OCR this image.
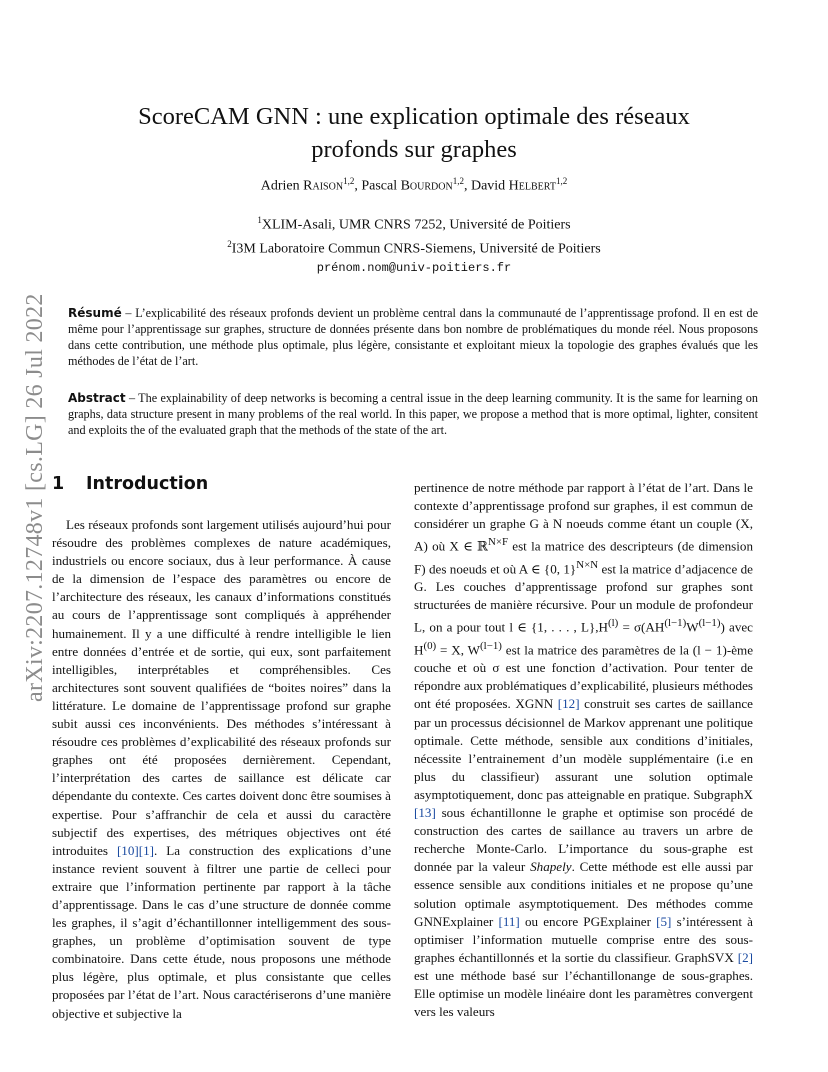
arXiv:2207.12748v1 [cs.LG] 26 Jul 2022
ScoreCAM GNN : une explication optimale des réseaux
profonds sur graphes
Adrien Raison$^{1,2}$, Pascal Bourdon$^{1,2}$, David Helbert$^{1,2}$
$^1$XLIM-Asali, UMR CNRS 7252, Université de Poitiers
$^2$I3M Laboratoire Commun CNRS-Siemens, Université de Poitiers
prénom.nom@univ-poitiers.fr
Résumé – L’explicabilité des réseaux profonds devient un problème central dans la communauté de l’apprentissage profond. Il en est de même pour l’apprentissage sur graphes, structure de données présente dans bon nombre de problématiques du monde réel. Nous proposons dans cette contribution, une méthode plus optimale, plus légère, consistante et exploitant mieux la topologie des graphes évalués que les méthodes de l’état de l’art.
Abstract – The explainability of deep networks is becoming a central issue in the deep learning community. It is the same for learning on graphs, data structure present in many problems of the real world. In this paper, we propose a method that is more optimal, lighter, consitent and exploits the of the evaluated graph that the methods of the state of the art.
1 Introduction
Les réseaux profonds sont largement utilisés aujourd’hui pour résoudre des problèmes complexes de nature académiques, industriels ou encore sociaux, dus à leur performance. À cause de la dimension de l’espace des paramètres ou encore de l’architecture des réseaux, les canaux d’informations constitués au cours de l’apprentissage sont compliqués à appréhender humainement. Il y a une difficulté à rendre intelligible le lien entre données d’entrée et de sortie, qui eux, sont parfaitement intelligibles, interprétables et compréhensibles. Ces architectures sont souvent qualifiées de “boites noires” dans la littérature. Le domaine de l’apprentissage profond sur graphe subit aussi ces inconvénients. Des méthodes s’intéressant à résoudre ces problèmes d’explicabilité des réseaux profonds sur graphes ont été proposées dernièrement. Cependant, l’interprétation des cartes de saillance est délicate car dépendante du contexte. Ces cartes doivent donc être soumises à expertise. Pour s’affranchir de cela et aussi du caractère subjectif des expertises, des métriques objectives ont été introduites [10][1]. La construction des explications d’une instance revient souvent à filtrer une partie de celleci pour extraire que l’information pertinente par rapport à la tâche d’apprentissage. Dans le cas d’une structure de donnée comme les graphes, il s’agit d’échantillonner intelligemment des sous-graphes, un problème d’optimisation souvent de type combinatoire. Dans cette étude, nous proposons une méthode plus légère, plus optimale, et plus consistante que celles proposées par l’état de l’art. Nous caractériserons d’une manière objective et subjective la
pertinence de notre méthode par rapport à l’état de l’art. Dans le contexte d’apprentissage profond sur graphes, il est commun de considérer un graphe G à N noeuds comme étant un couple (X, A) où X ∈ ℝ$^{N\times F}$ est la matrice des descripteurs (de dimension F) des noeuds et où A ∈ {0, 1}$^{N\times N}$ est la matrice d’adjacence de G. Les couches d’apprentissage profond sur graphes sont structurées de manière récursive. Pour un module de profondeur L, on a pour tout l ∈ {1, . . . , $L\},H^{(l)} = \sigma(AH^{(l-1)}W^{(l-1)})$ avec $H^{(0)} = X$, $W^{(l-1)}$ est la matrice des paramètres de la (l − 1)-ème couche et où σ est une fonction d’activation. Pour tenter de répondre aux problématiques d’explicabilité, plusieurs méthodes ont été proposées. XGNN [12] construit ses cartes de saillance par un processus décisionnel de Markov apprenant une politique optimale. Cette méthode, sensible aux conditions d’initiales, nécessite l’entrainement d’un modèle supplémentaire (i.e en plus du classifieur) assurant une solution optimale asymptotiquement, donc pas atteignable en pratique. SubgraphX [13] sous échantillonne le graphe et optimise son procédé de construction des cartes de saillance au travers un arbre de recherche Monte-Carlo. L’importance du sous-graphe est donnée par la valeur Shapely. Cette méthode est elle aussi par essence sensible aux conditions initiales et ne propose qu’une solution optimale asymptotiquement. Des méthodes comme GNNExplainer [11] ou encore PGExplainer [5] s’intéressent à optimiser l’information mutuelle comprise entre des sous-graphes échantillonnés et la sortie du classifieur. GraphSVX [2] est une méthode basé sur l’échantillonange de sous-graphes. Elle optimise un modèle linéaire dont les paramètres convergent vers les valeurs
